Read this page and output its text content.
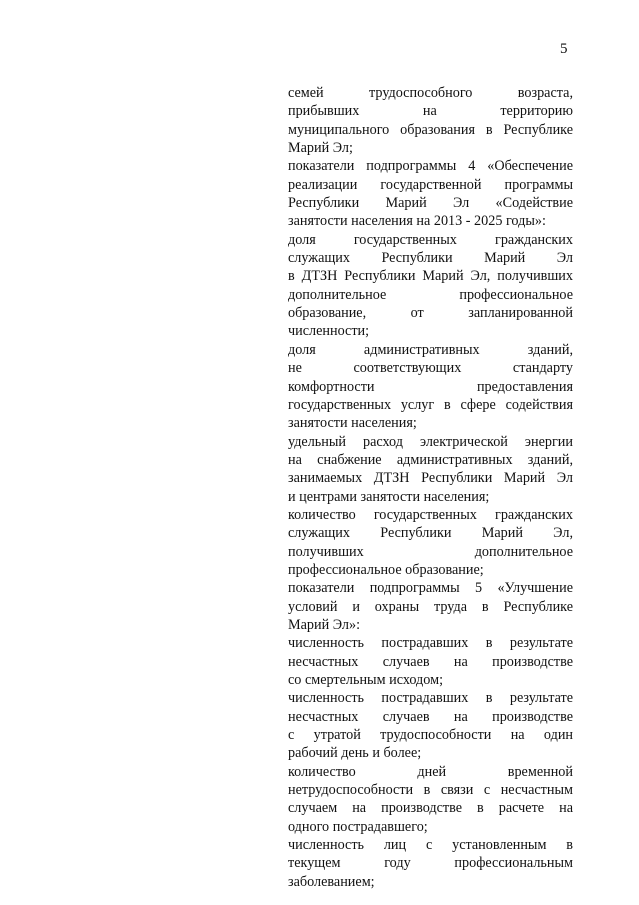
5
семей трудоспособного возраста,
прибывших на территорию
муниципального образования в Республике
Марий Эл;
показатели подпрограммы 4 «Обеспечение
реализации государственной программы
Республики Марий Эл «Содействие
занятости населения на 2013 - 2025 годы»:
доля государственных гражданских
служащих Республики Марий Эл
в ДТЗН Республики Марий Эл, получивших
дополнительное профессиональное
образование, от запланированной
численности;
доля административных зданий,
не соответствующих стандарту
комфортности предоставления
государственных услуг в сфере содействия
занятости населения;
удельный расход электрической энергии
на снабжение административных зданий,
занимаемых ДТЗН Республики Марий Эл
и центрами занятости населения;
количество государственных гражданских
служащих Республики Марий Эл,
получивших дополнительное
профессиональное образование;
показатели подпрограммы 5 «Улучшение
условий и охраны труда в Республике
Марий Эл»:
численность пострадавших в результате
несчастных случаев на производстве
со смертельным исходом;
численность пострадавших в результате
несчастных случаев на производстве
с утратой трудоспособности на один
рабочий день и более;
количество дней временной
нетрудоспособности в связи с несчастным
случаем на производстве в расчете на
одного пострадавшего;
численность лиц с установленным в
текущем году профессиональным
заболеванием;
